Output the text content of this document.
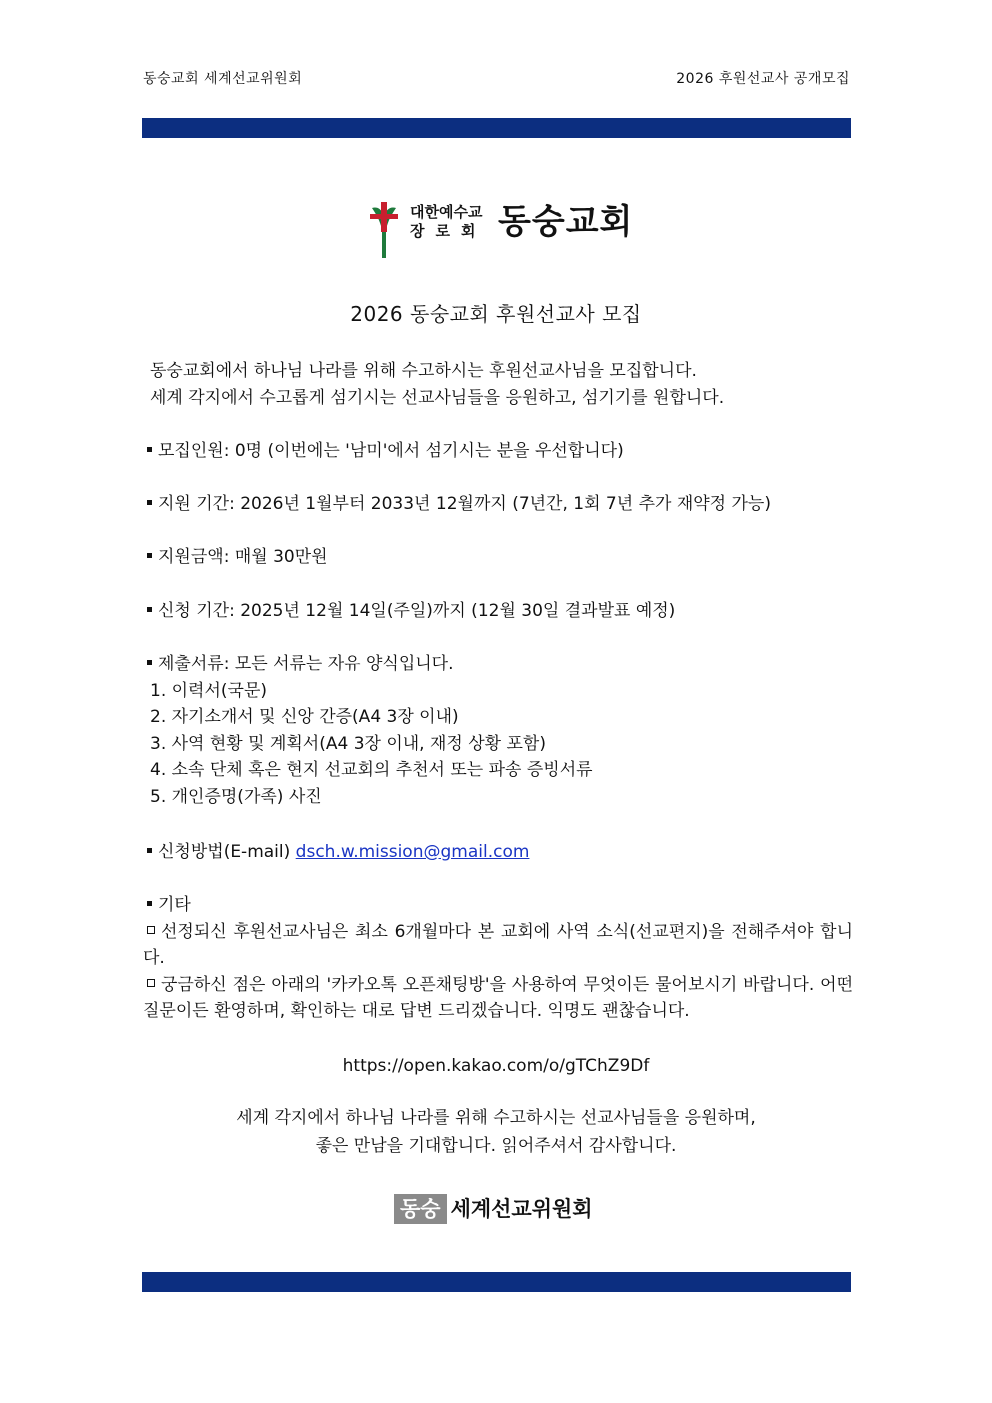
동숭교회 세계선교위원회	2026 후원선교사 공개모집
대한예수교
장로회 동숭교회
2026 동숭교회 후원선교사 모집
동숭교회에서 하나님 나라를 위해 수고하시는 후원선교사님을 모집합니다.
세계 각지에서 수고롭게 섬기시는 선교사님들을 응원하고, 섬기기를 원합니다.
모집인원: 0명 (이번에는 '남미'에서 섬기시는 분을 우선합니다)
지원 기간: 2026년 1월부터 2033년 12월까지 (7년간, 1회 7년 추가 재약정 가능)
지원금액: 매월 30만원
신청 기간: 2025년 12월 14일(주일)까지 (12월 30일 결과발표 예정)
제출서류: 모든 서류는 자유 양식입니다.
1. 이력서(국문)
2. 자기소개서 및 신앙 간증(A4 3장 이내)
3. 사역 현황 및 계획서(A4 3장 이내, 재정 상황 포함)
4. 소속 단체 혹은 현지 선교회의 추천서 또는 파송 증빙서류
5. 개인증명(가족) 사진
신청방법(E-mail) dsch.w.mission@gmail.com
기타
선정되신 후원선교사님은 최소 6개월마다 본 교회에 사역 소식(선교편지)을 전해주셔야 합니다.
궁금하신 점은 아래의 '카카오톡 오픈채팅방'을 사용하여 무엇이든 물어보시기 바랍니다. 어떤 질문이든 환영하며, 확인하는 대로 답변 드리겠습니다. 익명도 괜찮습니다.
https://open.kakao.com/o/gTChZ9Df
세계 각지에서 하나님 나라를 위해 수고하시는 선교사님들을 응원하며,
좋은 만남을 기대합니다. 읽어주셔서 감사합니다.
동숭 세계선교위원회
